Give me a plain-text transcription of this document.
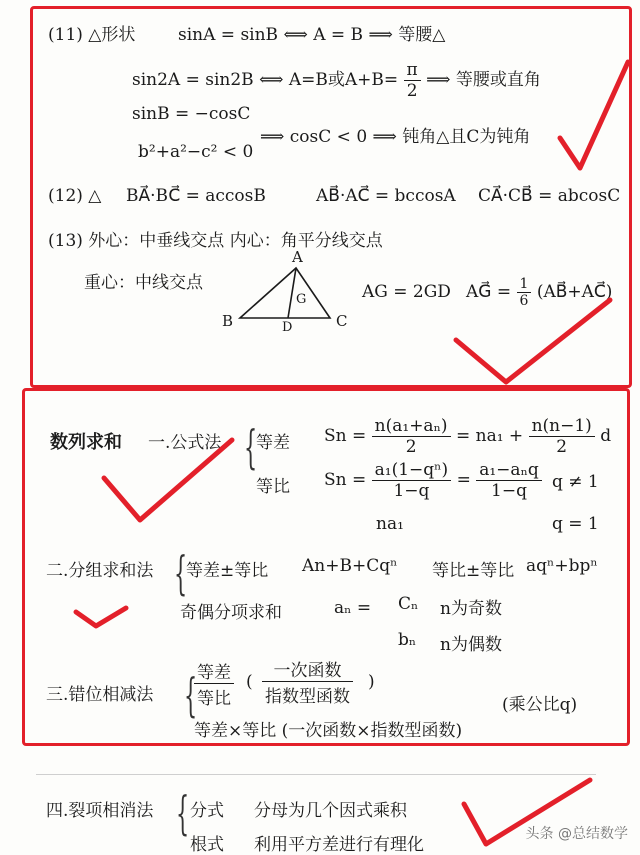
(11) △形状	sinA = sinB ⟺ A = B ⟹ 等腰△
sin2A = sin2B ⟺ A=B或$A+B= \frac{\pi}{2}$ ⟹ 等腰或直角
sinB = −cosC
b²+a²−c² < 0
⟹ cosC < 0 ⟹ 钝角△且C为钝角
(12) △ BA⃗·BC⃗ = accosB	AB⃗·AC⃗ = bccosA CA⃗·CB⃗ = abcosC
(13) 外心：中垂线交点 内心：角平分线交点
重心：中线交点	AG = 2GD AG⃗ = $\frac{1}{6}$ (AB⃗+AC⃗)
A
B	C
D
G
数列求和 一.公式法 {
等差 $Sn = \frac{\text{n(a₁+aₙ)}}{2} = na_1 + \frac{n(n-1)}{2}$ d
等比 $Sn = \frac{\text{a₁(1−qⁿ)}}{1-q} = \frac{\text{a₁−aₙq}}{1-q}$ q ≠ 1
na₁	q = 1
二.分组求和法 {
等差±等比 An+B+Cqⁿ 等比±等比 aqⁿ+bpⁿ
奇偶分项求和	aₙ = Cₙ n为奇数
bₙ n为偶数
三.错位相减法 { 等差
等比
(
一次函数
指数型函数
)
等差×等比 (一次函数×指数型函数)
(乘公比q)
四.裂项相消法 { 分式 分母为几个因式乘积
根式 利用平方差进行有理化
头条 @总结数学
